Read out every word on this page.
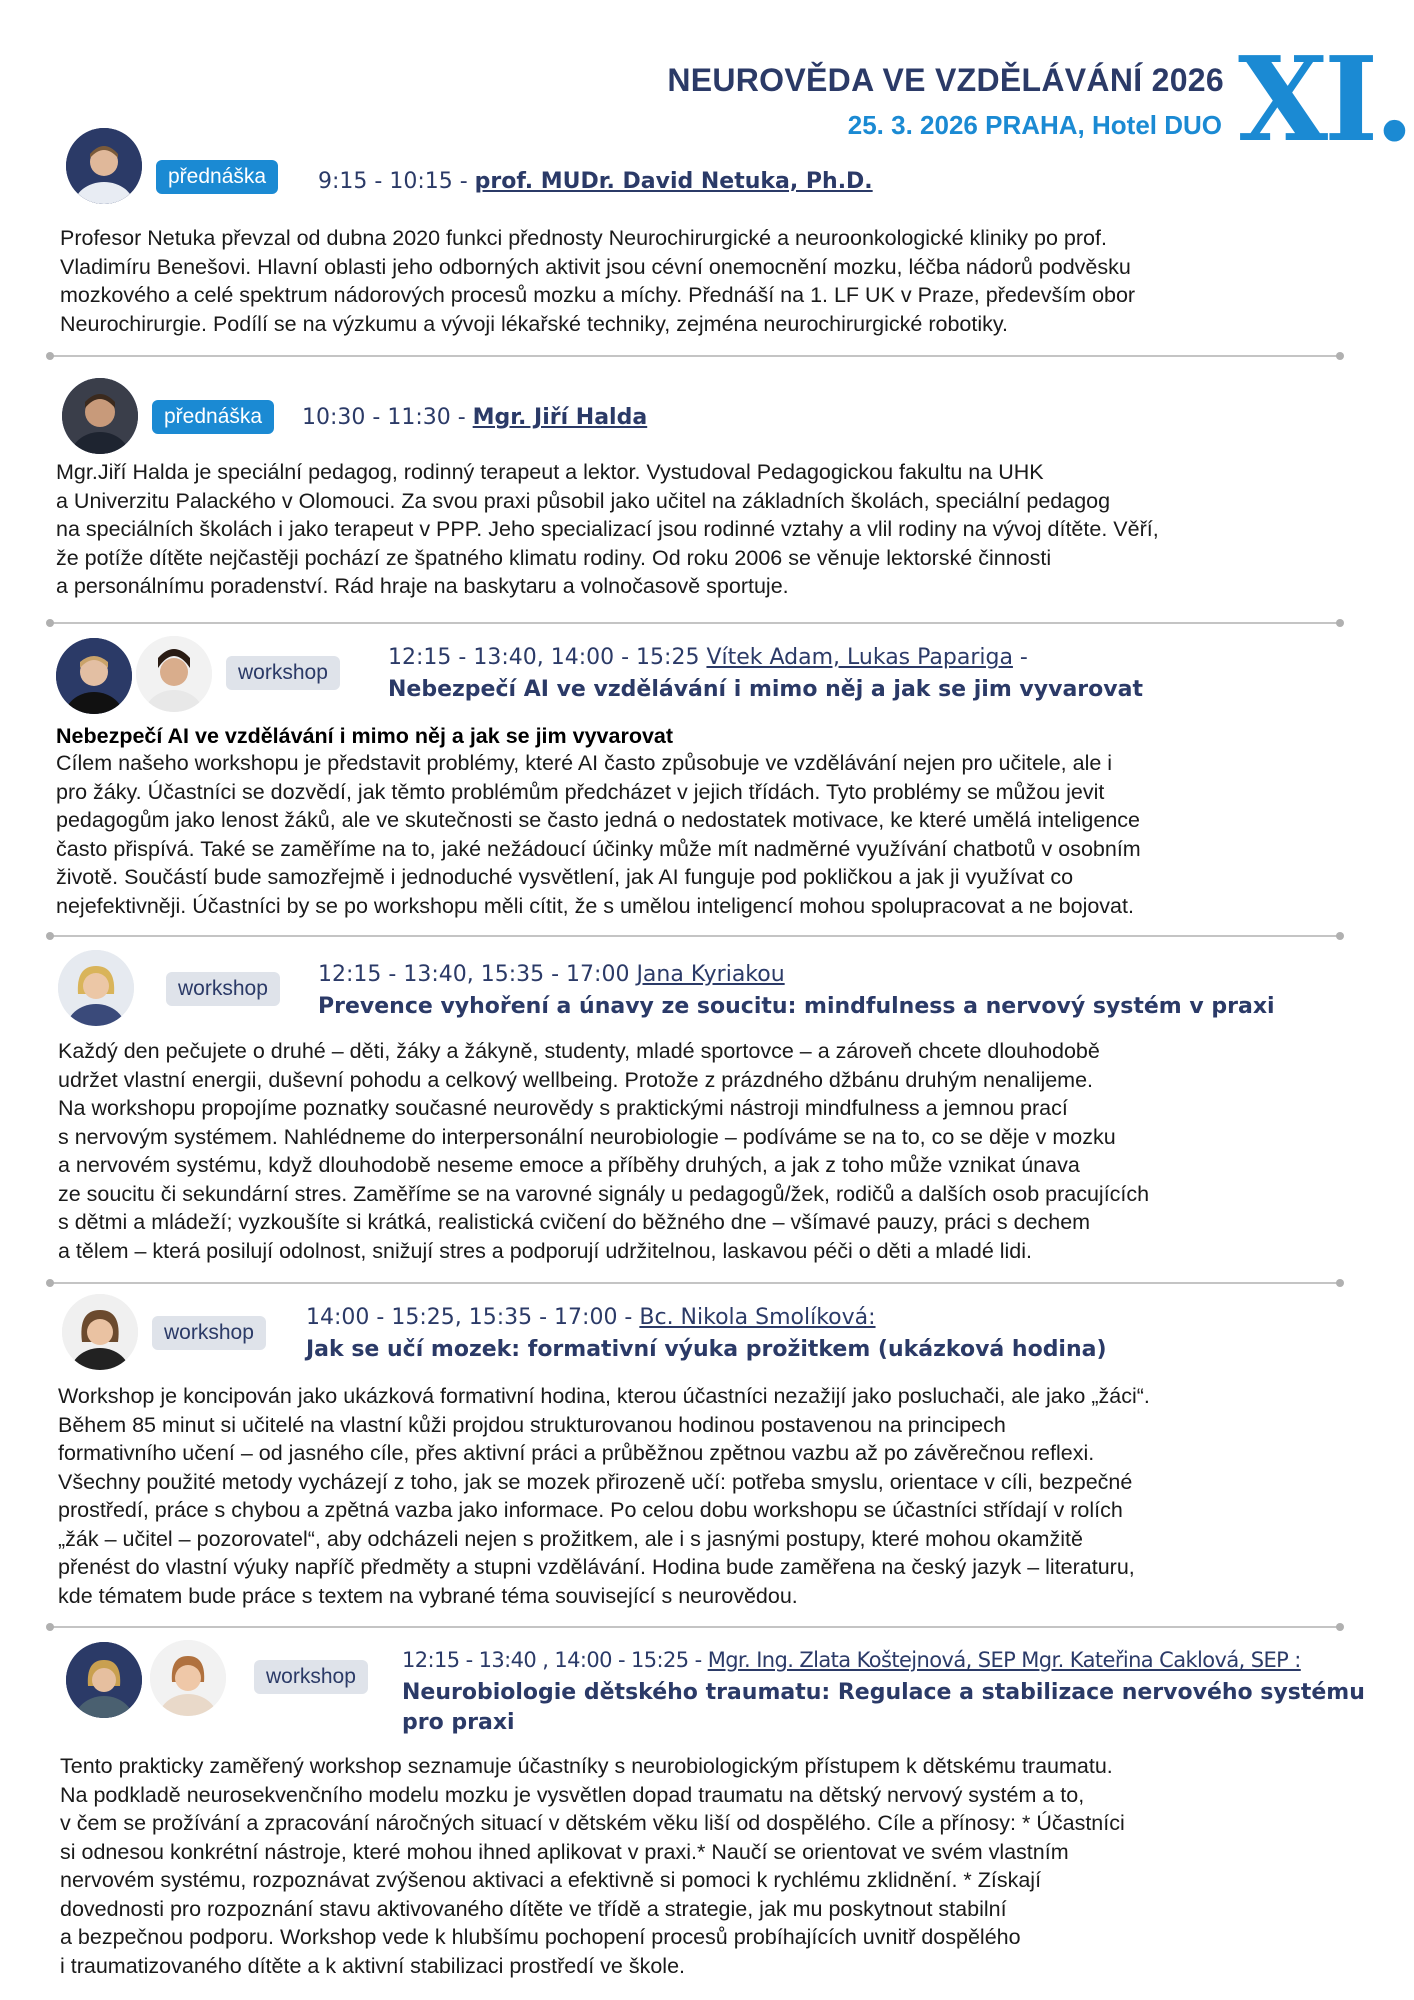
NEUROVĚDA VE VZDĚLÁVÁNÍ 2026
25. 3. 2026 PRAHA, Hotel DUO XI.
přednáška	9:15 - 10:15 - prof. MUDr. David Netuka, Ph.D.

Profesor Netuka převzal od dubna 2020 funkci přednosty Neurochirurgické a neuroonkologické kliniky po prof.
Vladimíru Benešovi. Hlavní oblasti jeho odborných aktivit jsou cévní onemocnění mozku, léčba nádorů podvěsku
mozkového a celé spektrum nádorových procesů mozku a míchy. Přednáší na 1. LF UK v Praze, především obor
Neurochirurgie. Podílí se na výzkumu a vývoji lékařské techniky, zejména neurochirurgické robotiky.

přednáška	10:30 - 11:30 - Mgr. Jiří Halda

Mgr.Jiří Halda je speciální pedagog, rodinný terapeut a lektor. Vystudoval Pedagogickou fakultu na UHK
a Univerzitu Palackého v Olomouci. Za svou praxi působil jako učitel na základních školách, speciální pedagog
na speciálních školách i jako terapeut v PPP. Jeho specializací jsou rodinné vztahy a vlil rodiny na vývoj dítěte. Věří,
že potíže dítěte nejčastěji pochází ze špatného klimatu rodiny. Od roku 2006 se věnuje lektorské činnosti
a personálnímu poradenství. Rád hraje na baskytaru a volnočasově sportuje.

workshop
12:15 - 13:40, 14:00 - 15:25 Vítek Adam, Lukas Papariga -
Nebezpečí AI ve vzdělávání i mimo něj a jak se jim vyvarovat
Nebezpečí AI ve vzdělávání i mimo něj a jak se jim vyvarovat

Cílem našeho workshopu je představit problémy, které AI často způsobuje ve vzdělávání nejen pro učitele, ale i
pro žáky. Účastníci se dozvědí, jak těmto problémům předcházet v jejich třídách. Tyto problémy se můžou jevit
pedagogům jako lenost žáků, ale ve skutečnosti se často jedná o nedostatek motivace, ke které umělá inteligence
často přispívá. Také se zaměříme na to, jaké nežádoucí účinky může mít nadměrné využívání chatbotů v osobním
životě. Součástí bude samozřejmě i jednoduché vysvětlení, jak AI funguje pod pokličkou a jak ji využívat co
nejefektivněji. Účastníci by se po workshopu měli cítit, že s umělou inteligencí mohou spolupracovat a ne bojovat.

workshop
12:15 - 13:40, 15:35 - 17:00 Jana Kyriakou
Prevence vyhoření a únavy ze soucitu: mindfulness a nervový systém v praxi

Každý den pečujete o druhé – děti, žáky a žákyně, studenty, mladé sportovce – a zároveň chcete dlouhodobě
udržet vlastní energii, duševní pohodu a celkový wellbeing. Protože z prázdného džbánu druhým nenalijeme.
Na workshopu propojíme poznatky současné neurovědy s praktickými nástroji mindfulness a jemnou prací
s nervovým systémem. Nahlédneme do interpersonální neurobiologie – podíváme se na to, co se děje v mozku
a nervovém systému, když dlouhodobě neseme emoce a příběhy druhých, a jak z toho může vznikat únava
ze soucitu či sekundární stres. Zaměříme se na varovné signály u pedagogů/žek, rodičů a dalších osob pracujících
s dětmi a mládeží; vyzkoušíte si krátká, realistická cvičení do běžného dne – všímavé pauzy, práci s dechem
a tělem – která posilují odolnost, snižují stres a podporují udržitelnou, laskavou péči o děti a mladé lidi.

workshop
14:00 - 15:25, 15:35 - 17:00 - Bc. Nikola Smolíková:
Jak se učí mozek: formativní výuka prožitkem (ukázková hodina)

Workshop je koncipován jako ukázková formativní hodina, kterou účastníci nezažijí jako posluchači, ale jako „žáci“.
Během 85 minut si učitelé na vlastní kůži projdou strukturovanou hodinou postavenou na principech
formativního učení – od jasného cíle, přes aktivní práci a průběžnou zpětnou vazbu až po závěrečnou reflexi.
Všechny použité metody vycházejí z toho, jak se mozek přirozeně učí: potřeba smyslu, orientace v cíli, bezpečné
prostředí, práce s chybou a zpětná vazba jako informace. Po celou dobu workshopu se účastníci střídají v rolích
„žák – učitel – pozorovatel“, aby odcházeli nejen s prožitkem, ale i s jasnými postupy, které mohou okamžitě
přenést do vlastní výuky napříč předměty a stupni vzdělávání. Hodina bude zaměřena na český jazyk – literaturu,
kde tématem bude práce s textem na vybrané téma související s neurovědou.

workshop
12:15 - 13:40 , 14:00 - 15:25 - Mgr. Ing. Zlata Koštejnová, SEP Mgr. Kateřina Caklová, SEP :
Neurobiologie dětského traumatu: Regulace a stabilizace nervového systému
pro praxi

Tento prakticky zaměřený workshop seznamuje účastníky s neurobiologickým přístupem k dětskému traumatu.
Na podkladě neurosekvenčního modelu mozku je vysvětlen dopad traumatu na dětský nervový systém a to,
v čem se prožívání a zpracování náročných situací v dětském věku liší od dospělého. Cíle a přínosy: * Účastníci
si odnesou konkrétní nástroje, které mohou ihned aplikovat v praxi.* Naučí se orientovat ve svém vlastním
nervovém systému, rozpoznávat zvýšenou aktivaci a efektivně si pomoci k rychlému zklidnění. * Získají
dovednosti pro rozpoznání stavu aktivovaného dítěte ve třídě a strategie, jak mu poskytnout stabilní
a bezpečnou podporu. Workshop vede k hlubšímu pochopení procesů probíhajících uvnitř dospělého
i traumatizovaného dítěte a k aktivní stabilizaci prostředí ve škole.
